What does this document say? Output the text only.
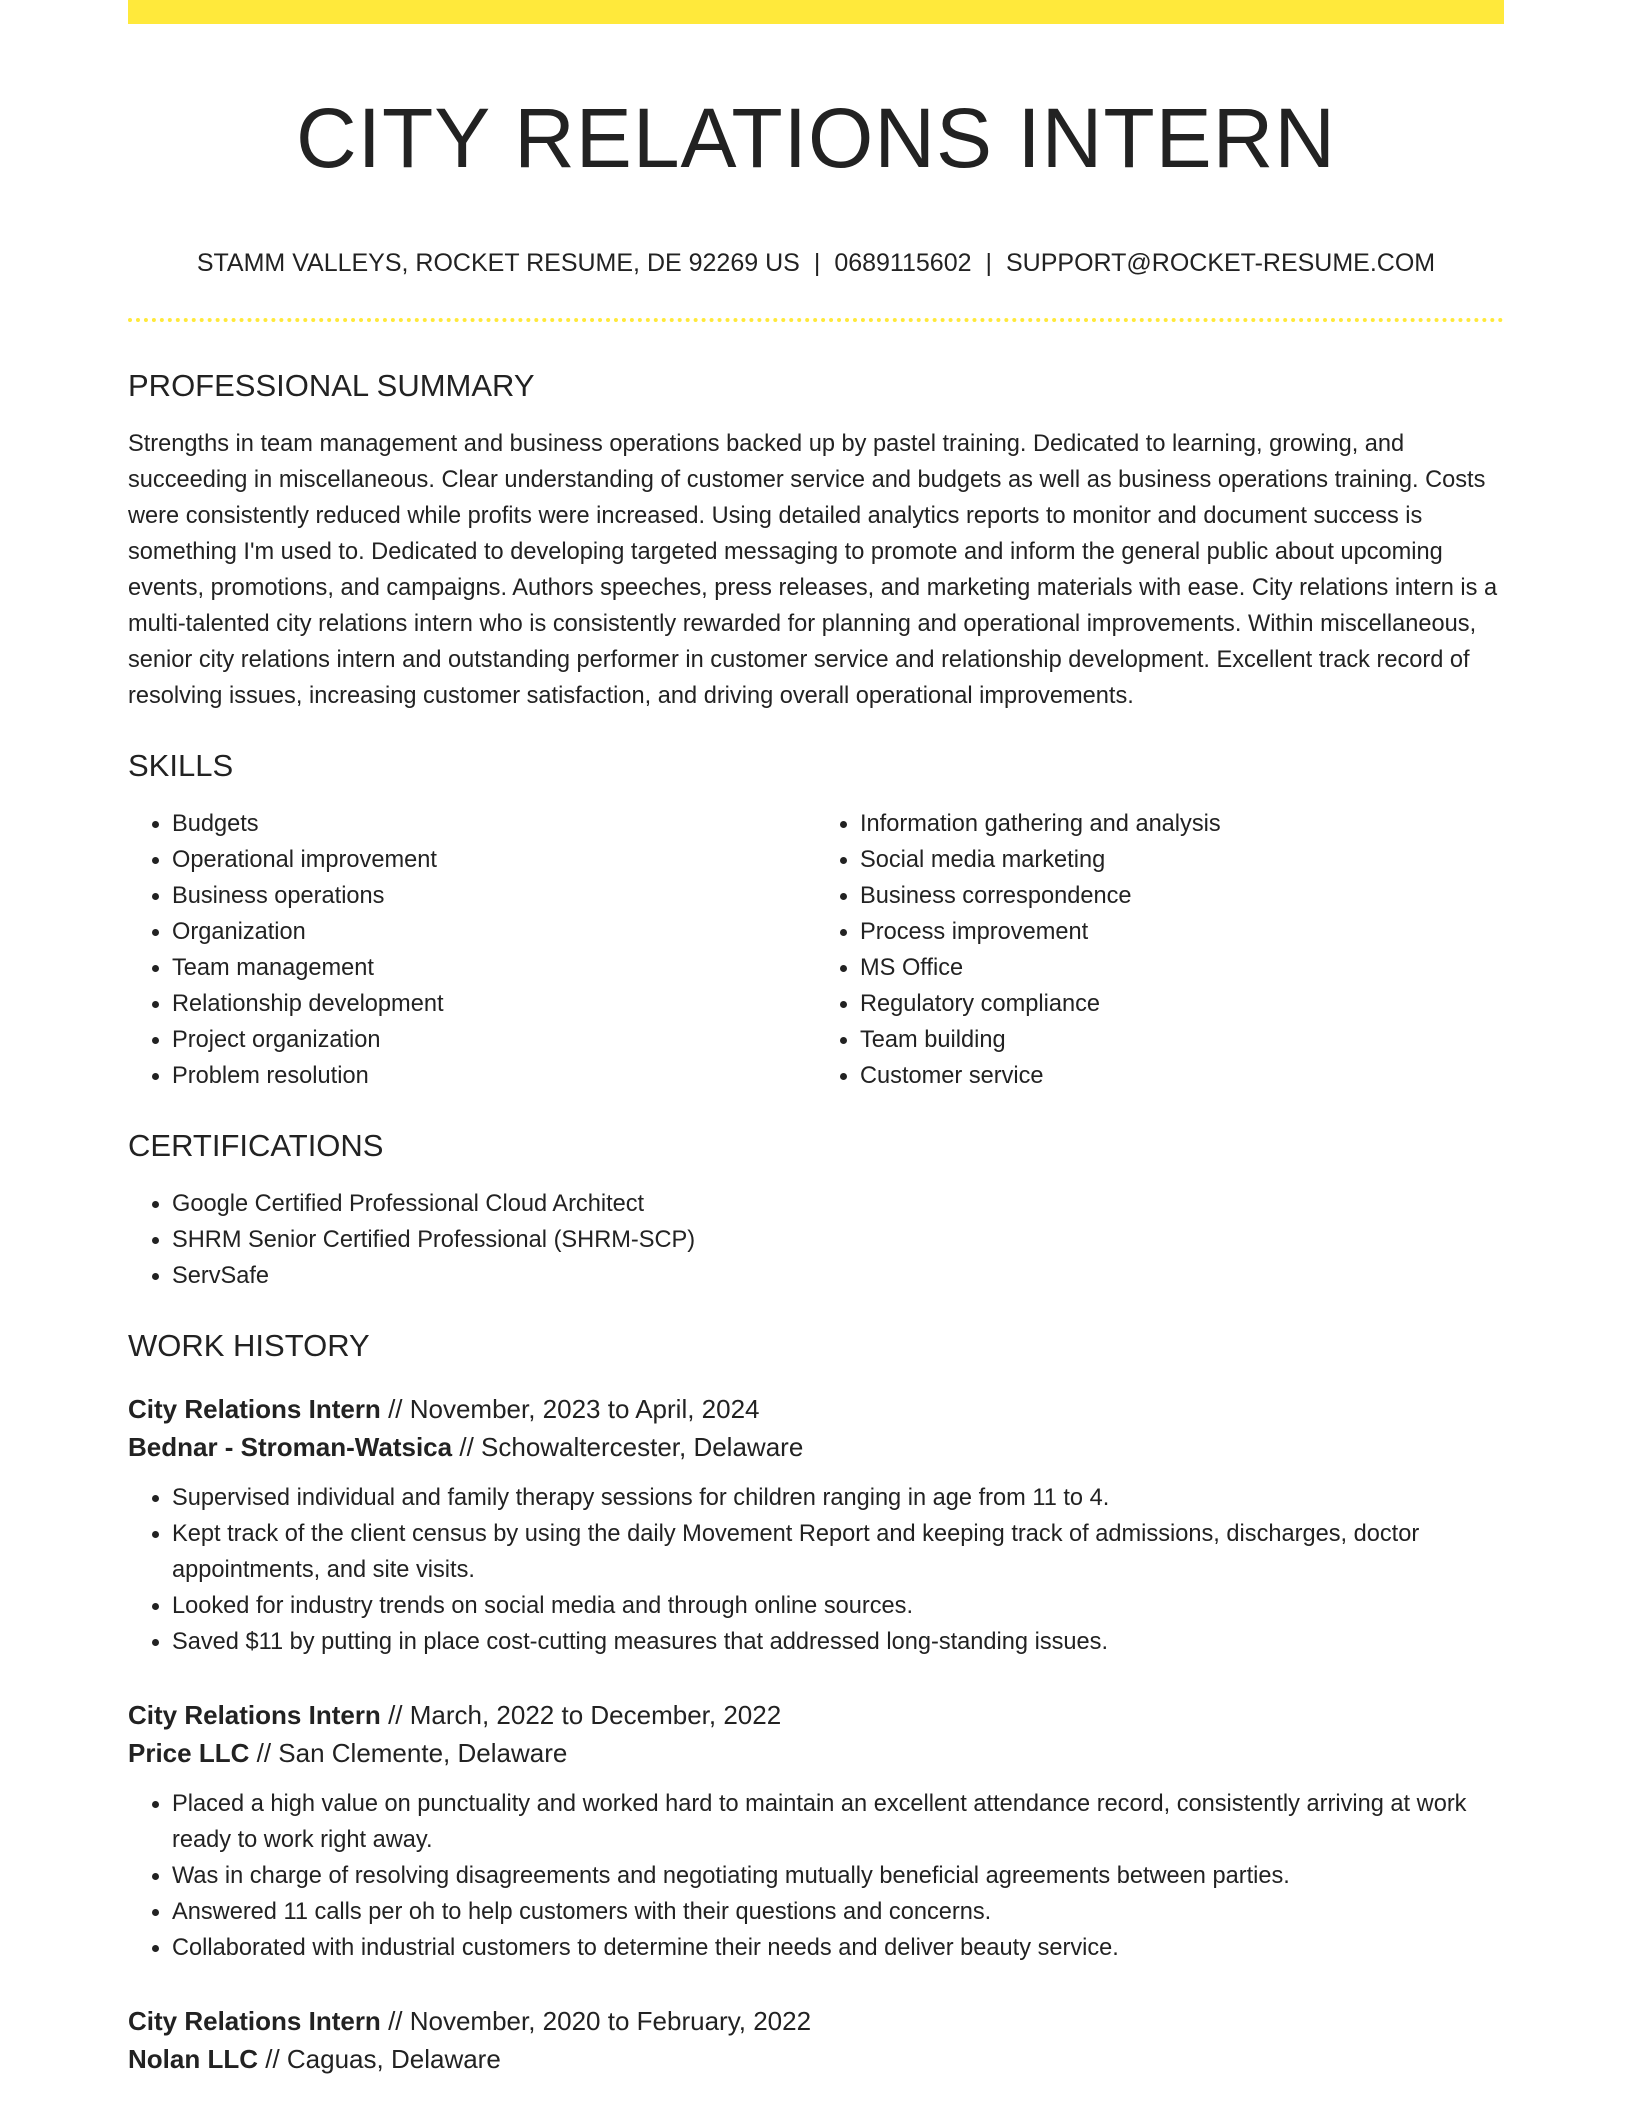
CITY RELATIONS INTERN
STAMM VALLEYS, ROCKET RESUME, DE 92269 US | 0689115602 | SUPPORT@ROCKET-RESUME.COM
PROFESSIONAL SUMMARY

Strengths in team management and business operations backed up by pastel training. Dedicated to learning, growing, and succeeding in miscellaneous. Clear understanding of customer service and budgets as well as business operations training. Costs were consistently reduced while profits were increased. Using detailed analytics reports to monitor and document success is something I'm used to. Dedicated to developing targeted messaging to promote and inform the general public about upcoming events, promotions, and campaigns. Authors speeches, press releases, and marketing materials with ease. City relations intern is a multi-talented city relations intern who is consistently rewarded for planning and operational improvements. Within miscellaneous, senior city relations intern and outstanding performer in customer service and relationship development. Excellent track record of resolving issues, increasing customer satisfaction, and driving overall operational improvements.

SKILLS
• Budgets
• Operational improvement
• Business operations
• Organization
• Team management
• Relationship development
• Project organization
• Problem resolution
• Information gathering and analysis
• Social media marketing
• Business correspondence
• Process improvement
• MS Office
• Regulatory compliance
• Team building
• Customer service
CERTIFICATIONS
• Google Certified Professional Cloud Architect
• SHRM Senior Certified Professional (SHRM-SCP)
• ServSafe
WORK HISTORY
City Relations Intern // November, 2023 to April, 2024
Bednar - Stroman-Watsica // Schowaltercester, Delaware
• Supervised individual and family therapy sessions for children ranging in age from 11 to 4.
• Kept track of the client census by using the daily Movement Report and keeping track of admissions, discharges, doctor appointments, and site visits.
• Looked for industry trends on social media and through online sources.
• Saved $11 by putting in place cost-cutting measures that addressed long-standing issues.
City Relations Intern // March, 2022 to December, 2022
Price LLC // San Clemente, Delaware
• Placed a high value on punctuality and worked hard to maintain an excellent attendance record, consistently arriving at work ready to work right away.
• Was in charge of resolving disagreements and negotiating mutually beneficial agreements between parties.
• Answered 11 calls per oh to help customers with their questions and concerns.
• Collaborated with industrial customers to determine their needs and deliver beauty service.
City Relations Intern // November, 2020 to February, 2022
Nolan LLC // Caguas, Delaware
